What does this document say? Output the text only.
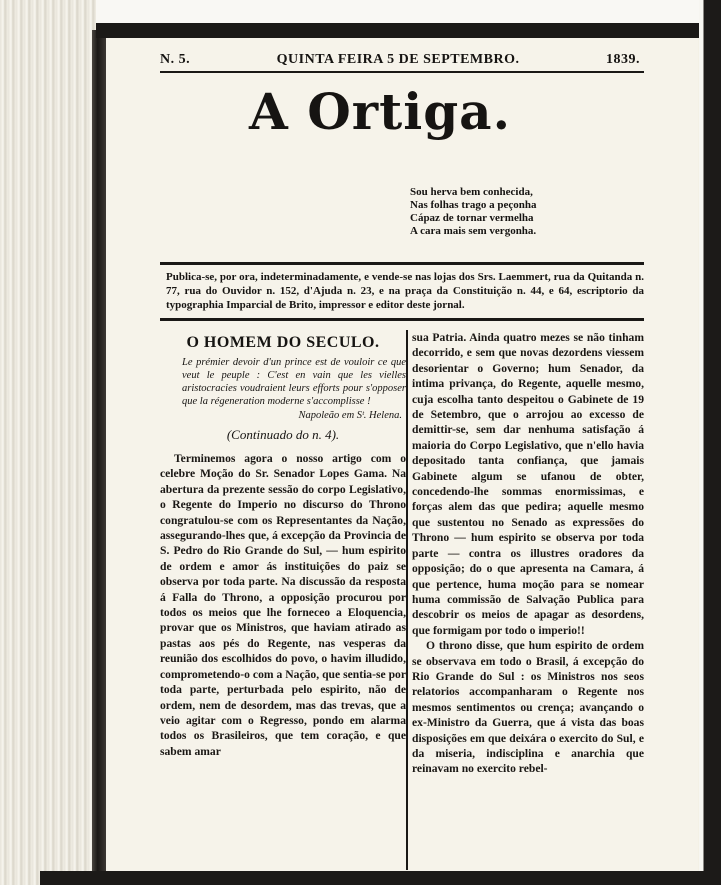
N. 5.	QUINTA FEIRA 5 DE SEPTEMBRO.	1839.
A Ortiga.
Sou herva bem conhecida,
Nas folhas trago a peçonha
Cápaz de tornar vermelha
A cara mais sem vergonha.
Publica-se, por ora, indeterminadamente, e vende-se nas lojas dos Srs. Laemmert, rua da Quitanda n. 77, rua do Ouvidor n. 152, d'Ajuda n. 23, e na praça da Constituição n. 44, e 64, escriptorio da typographia Imparcial de Brito, impressor e editor deste jornal.
O HOMEM DO SECULO.
Le prémier devoir d'un prince est de vouloir ce que veut le peuple : C'est en vain que les vielles aristocracies voudraient leurs efforts pour s'opposer que la régeneration moderne s'accomplisse !
Napoleão em Sᵗ. Helena.
(Continuado do n. 4).

Terminemos agora o nosso artigo com o celebre Moção do Sr. Senador Lopes Gama. Na abertura da prezente sessão do corpo Legislativo, o Regente do Imperio no discurso do Throno congratulou-se com os Representantes da Nação, assegurando-lhes que, á excepção da Provincia de S. Pedro do Rio Grande do Sul, — hum espirito de ordem e amor ás instituições do paiz se observa por toda parte. Na discussão da resposta á Falla do Throno, a opposição procurou por todos os meios que lhe forneceo a Eloquencia, provar que os Ministros, que haviam atirado as pastas aos pés do Regente, nas vesperas da reunião dos escolhidos do povo, o havim illudido, comprometendo-o com a Nação, que sentia-se por toda parte, perturbada pelo espirito, não de ordem, nem de desordem, mas das trevas, que a veio agitar com o Regresso, pondo em alarma todos os Brasileiros, que tem coração, e que sabem amar

sua Patria. Ainda quatro mezes se não tinham decorrido, e sem que novas dezordens viessem desorientar o Governo; hum Senador, da intima privança, do Regente, aquelle mesmo, cuja escolha tanto despeitou o Gabinete de 19 de Setembro, que o arrojou ao excesso de demittir-se, sem dar nenhuma satisfação á maioria do Corpo Legislativo, que n'ello havia depositado tanta confiança, que jamais Gabinete algum se ufanou de obter, concedendo-lhe sommas enormissimas, e forças alem das que pedira; aquelle mesmo que sustentou no Senado as expressões do Throno — hum espirito se observa por toda parte — contra os illustres oradores da opposição; do o que apresenta na Camara, á que pertence, huma moção para se nomear huma commissão de Salvação Publica para descobrir os meios de apagar as desordens, que formigam por todo o imperio!!

O throno disse, que hum espirito de ordem se observava em todo o Brasil, á excepção do Rio Grande do Sul : os Ministros nos seos relatorios accompanharam o Regente nos mesmos sentimentos ou crença; avançando o ex-Ministro da Guerra, que á vista das boas disposições em que deixára o exercito do Sul, e da miseria, indisciplina e anarchia que reinavam no exercito rebel-
